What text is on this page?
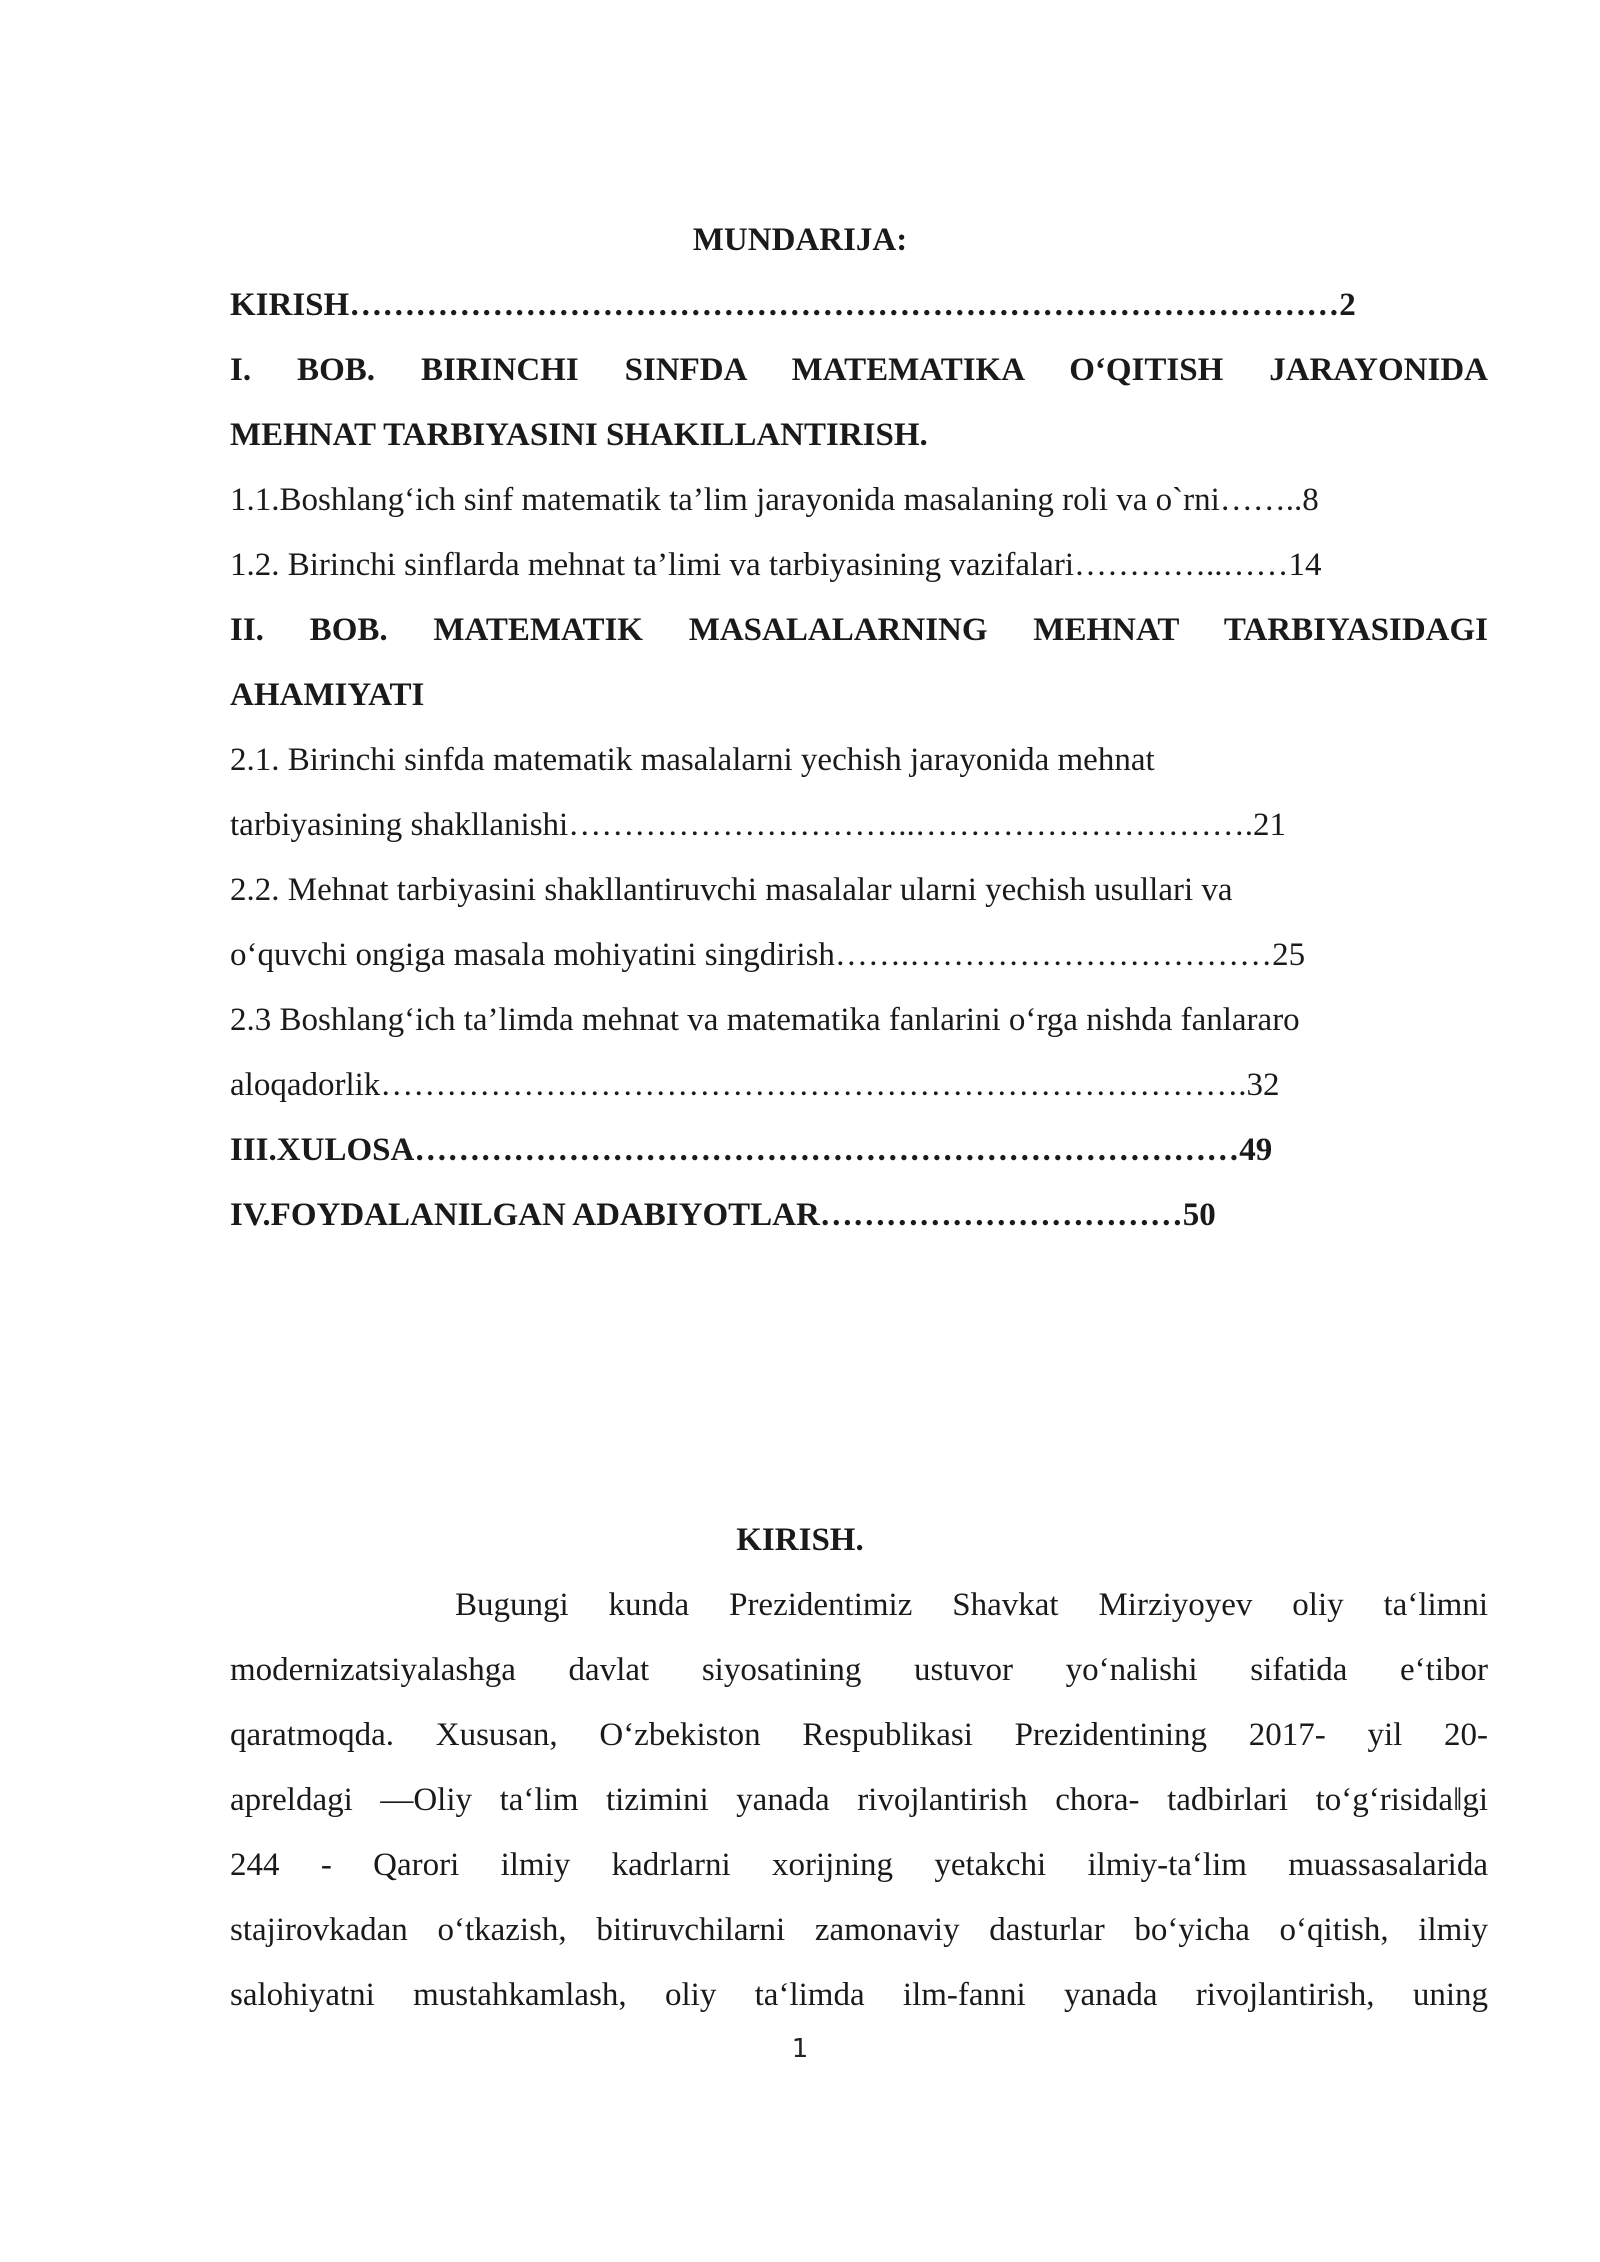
MUNDARIJA:
KIRISH………………………………………………………………………………2
I. BOB. BIRINCHI SINFDA MATEMATIKA O‘QITISH JARAYONIDA
MEHNAT TARBIYASINI SHAKILLANTIRISH.
1.1.Boshlang‘ich sinf matematik ta’lim jarayonida masalaning roli va o`rni……..8
1.2. Birinchi sinflarda mehnat ta’limi va tarbiyasining vazifalari…………..……14
II. BOB. MATEMATIK MASALALARNING MEHNAT TARBIYASIDAGI
AHAMIYATI
2.1. Birinchi sinfda matematik masalalarni yechish jarayonida mehnat
tarbiyasining shakllanishi…………………………..………………………….21
2.2. Mehnat tarbiyasini shakllantiruvchi masalalar ularni yechish usullari va
o‘quvchi ongiga masala mohiyatini singdirish…….……………………………25
2.3 Boshlang‘ich ta’limda mehnat va matematika fanlarini o‘rga nishda fanlararo
aloqadorlik…………………………………………………………………….32
III.XULOSA…………………………………………………………………49
IV.FOYDALANILGAN ADABIYOTLAR……………………………50
KIRISH.
Bugungi kunda Prezidentimiz Shavkat Mirziyoyev oliy ta‘limni
modernizatsiyalashga davlat siyosatining ustuvor yo‘nalishi sifatida e‘tibor
qaratmoqda. Xususan, O‘zbekiston Respublikasi Prezidentining 2017- yil 20-
apreldagi ―Oliy ta‘lim tizimini yanada rivojlantirish chora- tadbirlari to‘g‘risida‖gi
244 - Qarori ilmiy kadrlarni xorijning yetakchi ilmiy-ta‘lim muassasalarida
stajirovkadan o‘tkazish, bitiruvchilarni zamonaviy dasturlar bo‘yicha o‘qitish, ilmiy
salohiyatni mustahkamlash, oliy ta‘limda ilm-fanni yanada rivojlantirish, uning
1
